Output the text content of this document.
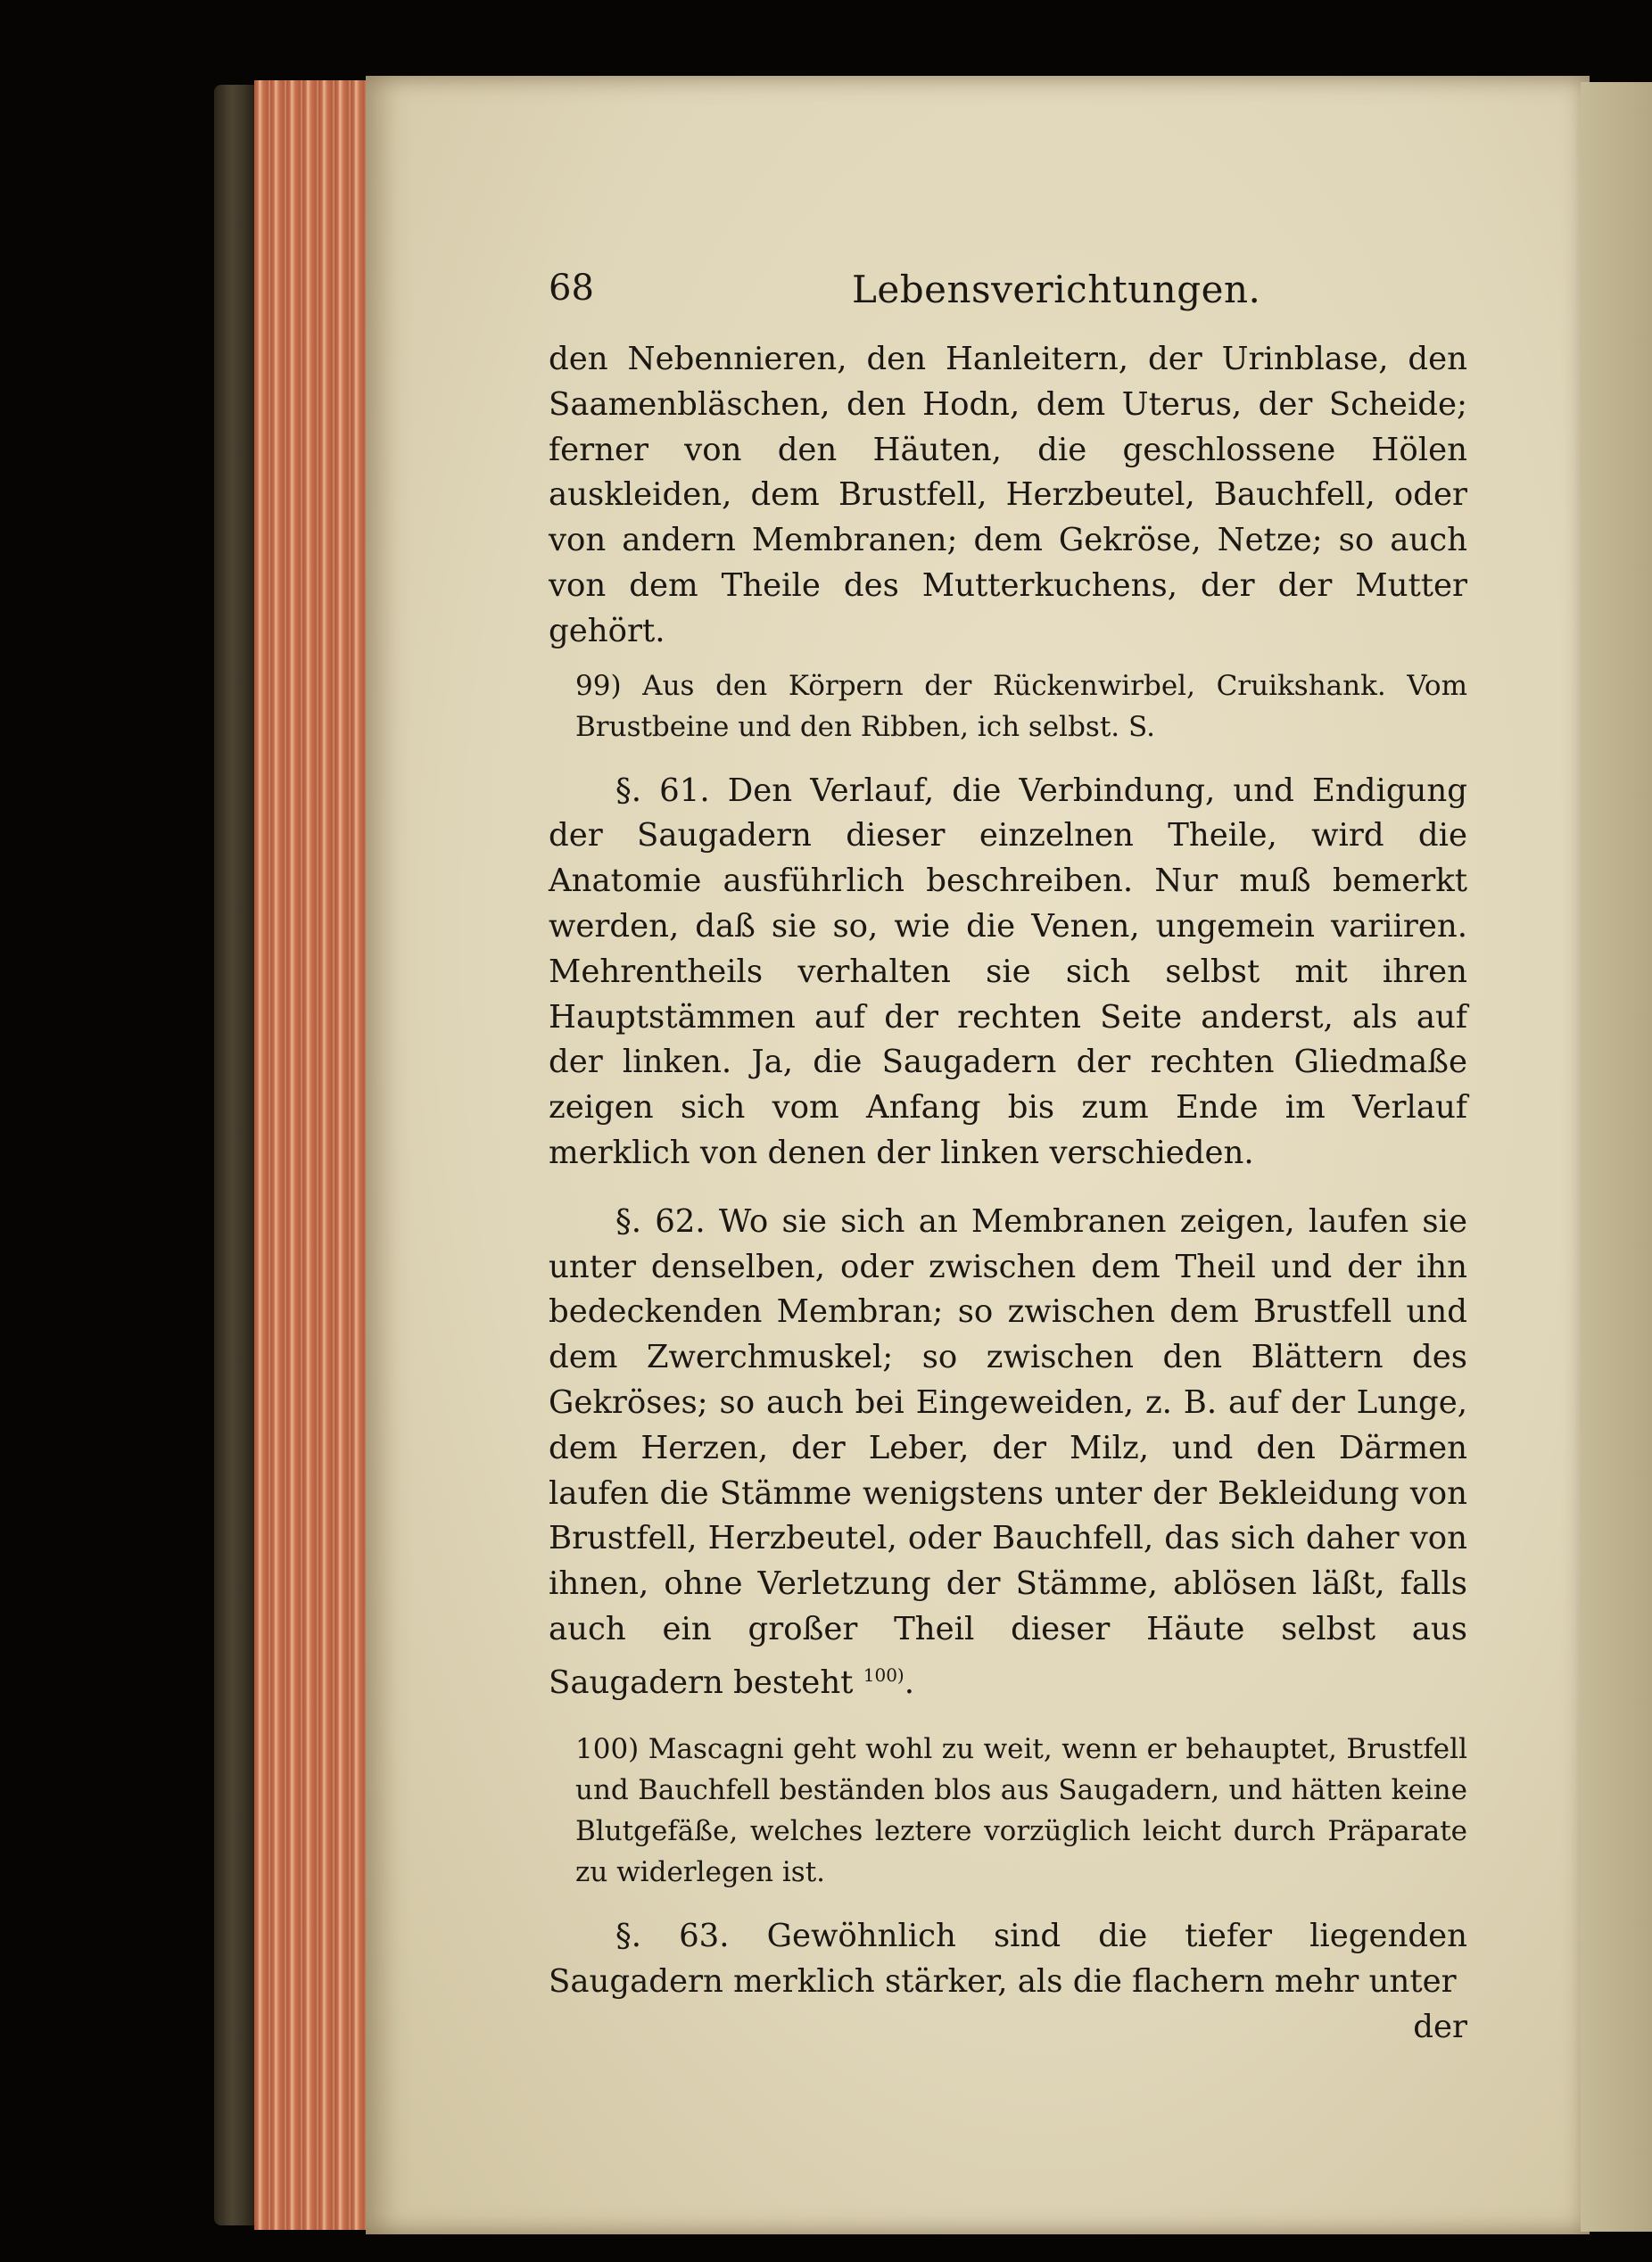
68	Lebensverichtungen.

den Nebennieren, den Hanleitern, der Urinblase, den Saamenbläschen, den Hodn, dem Uterus, der Scheide; ferner von den Häuten, die geschlossene Hölen auskleiden, dem Brustfell, Herzbeutel, Bauchfell, oder von andern Membranen; dem Gekröse, Netze; so auch von dem Theile des Mutterkuchens, der der Mutter gehört.

99) Aus den Körpern der Rückenwirbel, Cruikshank. Vom Brustbeine und den Ribben, ich selbst. S.

§. 61. Den Verlauf, die Verbindung, und Endigung der Saugadern dieser einzelnen Theile, wird die Anatomie ausführlich beschreiben. Nur muß bemerkt werden, daß sie so, wie die Venen, ungemein variiren. Mehrentheils verhalten sie sich selbst mit ihren Hauptstämmen auf der rechten Seite anderst, als auf der linken. Ja, die Saugadern der rechten Gliedmaße zeigen sich vom Anfang bis zum Ende im Verlauf merklich von denen der linken verschieden.

§. 62. Wo sie sich an Membranen zeigen, laufen sie unter denselben, oder zwischen dem Theil und der ihn bedeckenden Membran; so zwischen dem Brustfell und dem Zwerchmuskel; so zwischen den Blättern des Gekröses; so auch bei Eingeweiden, z. B. auf der Lunge, dem Herzen, der Leber, der Milz, und den Därmen laufen die Stämme wenigstens unter der Bekleidung von Brustfell, Herzbeutel, oder Bauchfell, das sich daher von ihnen, ohne Verletzung der Stämme, ablösen läßt, falls auch ein großer Theil dieser Häute selbst aus Saugadern besteht $^{100)}$.

100) Mascagni geht wohl zu weit, wenn er behauptet, Brustfell und Bauchfell beständen blos aus Saugadern, und hätten keine Blutgefäße, welches leztere vorzüglich leicht durch Präparate zu widerlegen ist.

§. 63. Gewöhnlich sind die tiefer liegenden Saugadern merklich stärker, als die flachern mehr unter

der
